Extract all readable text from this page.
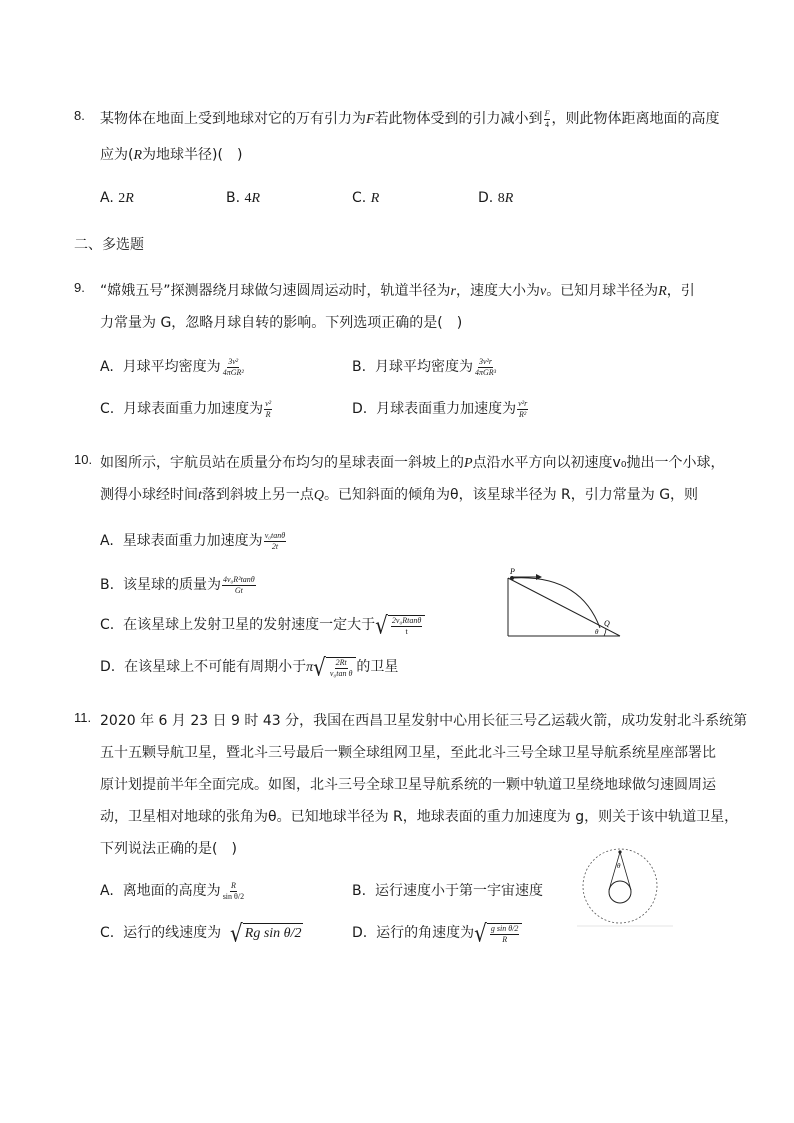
8. 某物体在地面上受到地球对它的万有引力为F若此物体受到的引力减小到 $\frac{F}{4}$ ，则此物体距离地面的高度
应为(R为地球半径)(　)
A. 2R	B. 4R	C. R	D. 8R
二、多选题
9. “嫦娥五号”探测器绕月球做匀速圆周运动时，轨道半径为r，速度大小为v。已知月球半径为R，引
力常量为 G，忽略月球自转的影响。下列选项正确的是(　)
A. 月球平均密度为 $\frac{\text{3v²}}{\text{4πGR²}}$	B. 月球平均密度为 $\frac{\text{3v²r}}{\text{4πGR³}}$
C. 月球表面重力加速度为 $\frac{\text{v²}}{R}$	D. 月球表面重力加速度为 $\frac{\text{v²r}}{\text{R²}}$
10. 如图所示，宇航员站在质量分布均匀的星球表面一斜坡上的P点沿水平方向以初速度v₀抛出一个小球，
测得小球经时间t落到斜坡上另一点Q。已知斜面的倾角为θ，该星球半径为 R，引力常量为 G，则
A. 星球表面重力加速度为 $\frac{\text{v₀tanθ}}{2t}$
B. 该星球的质量为 $\frac{\text{4v₀R²tanθ}}{Gt}$
C. 在该星球上发射卫星的发射速度一定大于 √ $\frac{\text{2v₀Rtanθ}}{t}$
D. 在该星球上不可能有周期小于π √ $\frac{2Rt}{\text{v₀tan θ}}$ 的卫星
P
Q
θ
11. 2020 年 6 月 23 日 9 时 43 分，我国在西昌卫星发射中心用长征三号乙运载火箭，成功发射北斗系统第
五十五颗导航卫星，暨北斗三号最后一颗全球组网卫星，至此北斗三号全球卫星导航系统星座部署比
原计划提前半年全面完成。如图，北斗三号全球卫星导航系统的一颗中轨道卫星绕地球做匀速圆周运
动，卫星相对地球的张角为θ。已知地球半径为 R，地球表面的重力加速度为 g，则关于该中轨道卫星，
下列说法正确的是(　)
A. 离地面的高度为 $\frac{R}{\text{sin θ/2}}$	B. 运行速度小于第一宇宙速度
C. 运行的线速度为 √ Rg sin θ/2	D. 运行的角速度为 √ $\frac{\text{g sin θ/2}}{R}$
θ
